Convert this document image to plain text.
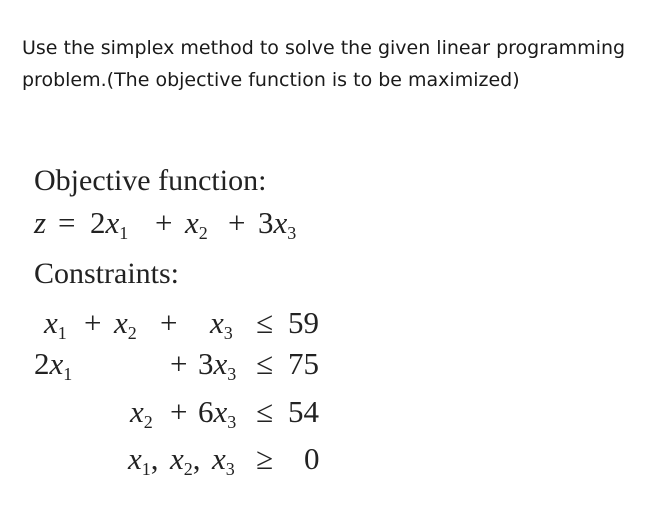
Use the simplex method to solve the given linear programming
problem.(The objective function is to be maximized)
Objective function:
$z = 2x_1 + x_2 + 3x_3$
Constraints:
$x_1 + x_2 + x_3 \le 59$
$2x_1$	+ $3x_3 \le 75$
$x_2 + 6x_3 \le 54$
$x_1$, $x_2$, $x_3 \ge 0$
